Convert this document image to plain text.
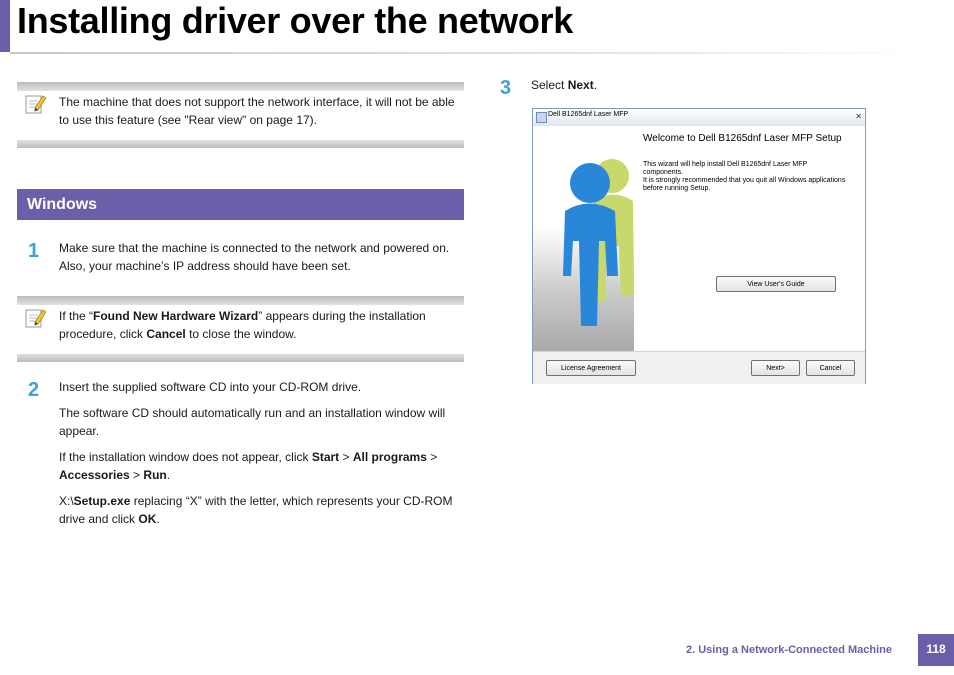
Installing driver over the network
The machine that does not support the network interface, it will not be able to use this feature (see "Rear view" on page 17).
Windows
1 Make sure that the machine is connected to the network and powered on. Also, your machine’s IP address should have been set.
If the “Found New Hardware Wizard” appears during the installation procedure, click Cancel to close the window.
2 Insert the supplied software CD into your CD-ROM drive.
The software CD should automatically run and an installation window will appear.
If the installation window does not appear, click Start > All programs > Accessories > Run.
X:\Setup.exe replacing “X” with the letter, which represents your CD-ROM drive and click OK.
3 Select Next.
Dell B1265dnf Laser MFP	✕
Welcome to Dell B1265dnf Laser MFP Setup
This wizard will help install Dell B1265dnf Laser MFP components.
It is strongly recommended that you quit all Windows applications before running Setup.
View User's Guide
License Agreement	Next>	Cancel
2. Using a Network-Connected Machine	118
